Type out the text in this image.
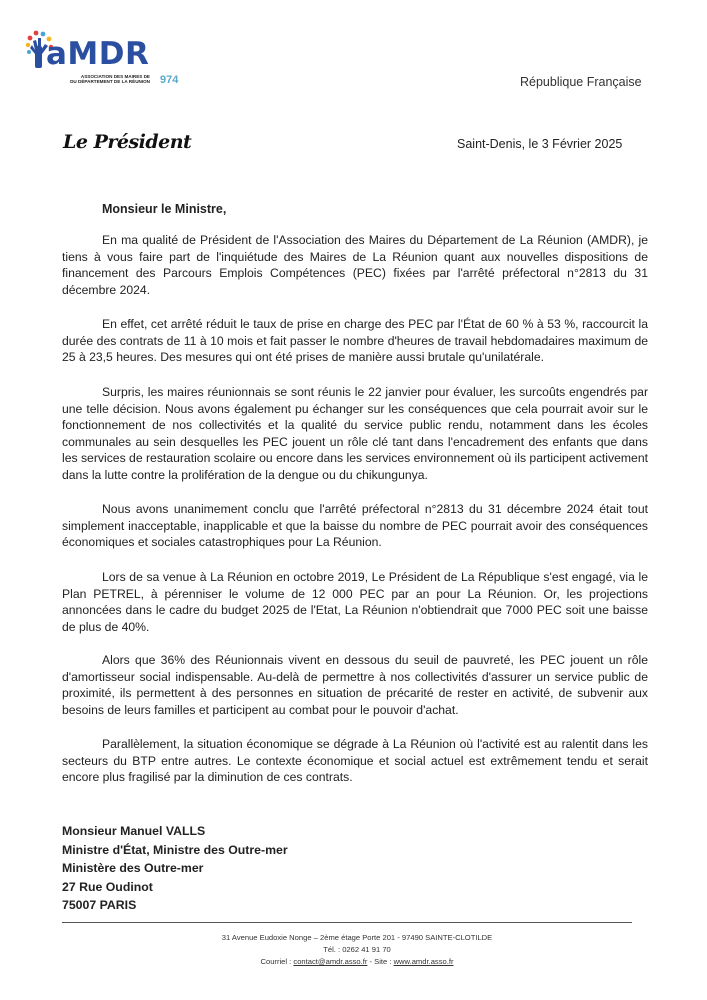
aMDR
ASSOCIATION DES MAIRES DE
DU DÉPARTEMENT DE LA RÉUNION 974	République Française
Le Président	Saint-Denis, le 3 Février 2025
Monsieur le Ministre,

En ma qualité de Président de l'Association des Maires du Département de La Réunion (AMDR), je tiens à vous faire part de l'inquiétude des Maires de La Réunion quant aux nouvelles dispositions de financement des Parcours Emplois Compétences (PEC) fixées par l'arrêté préfectoral n°2813 du 31 décembre 2024.

En effet, cet arrêté réduit le taux de prise en charge des PEC par l'État de 60 % à 53 %, raccourcit la durée des contrats de 11 à 10 mois et fait passer le nombre d'heures de travail hebdomadaires maximum de 25 à 23,5 heures. Des mesures qui ont été prises de manière aussi brutale qu'unilatérale.

Surpris, les maires réunionnais se sont réunis le 22 janvier pour évaluer, les surcoûts engendrés par une telle décision. Nous avons également pu échanger sur les conséquences que cela pourrait avoir sur le fonctionnement de nos collectivités et la qualité du service public rendu, notamment dans les écoles communales au sein desquelles les PEC jouent un rôle clé tant dans l'encadrement des enfants que dans les services de restauration scolaire ou encore dans les services environnement où ils participent activement dans la lutte contre la prolifération de la dengue ou du chikungunya.

Nous avons unanimement conclu que l'arrêté préfectoral n°2813 du 31 décembre 2024 était tout simplement inacceptable, inapplicable et que la baisse du nombre de PEC pourrait avoir des conséquences économiques et sociales catastrophiques pour La Réunion.

Lors de sa venue à La Réunion en octobre 2019, Le Président de La République s'est engagé, via le Plan PETREL, à pérenniser le volume de 12 000 PEC par an pour La Réunion. Or, les projections annoncées dans le cadre du budget 2025 de l'Etat, La Réunion n'obtiendrait que 7000 PEC soit une baisse de plus de 40%.

Alors que 36% des Réunionnais vivent en dessous du seuil de pauvreté, les PEC jouent un rôle d'amortisseur social indispensable. Au-delà de permettre à nos collectivités d'assurer un service public de proximité, ils permettent à des personnes en situation de précarité de rester en activité, de subvenir aux besoins de leurs familles et participent au combat pour le pouvoir d'achat.

Parallèlement, la situation économique se dégrade à La Réunion où l'activité est au ralentit dans les secteurs du BTP entre autres. Le contexte économique et social actuel est extrêmement tendu et serait encore plus fragilisé par la diminution de ces contrats.

Monsieur Manuel VALLS
Ministre d'État, Ministre des Outre-mer
Ministère des Outre-mer
27 Rue Oudinot
75007 PARIS
31 Avenue Eudoxie Nonge – 2ème étage Porte 201 - 97490 SAINTE-CLOTILDE
Tél. : 0262 41 91 70
Courriel : contact@amdr.asso.fr - Site : www.amdr.asso.fr
